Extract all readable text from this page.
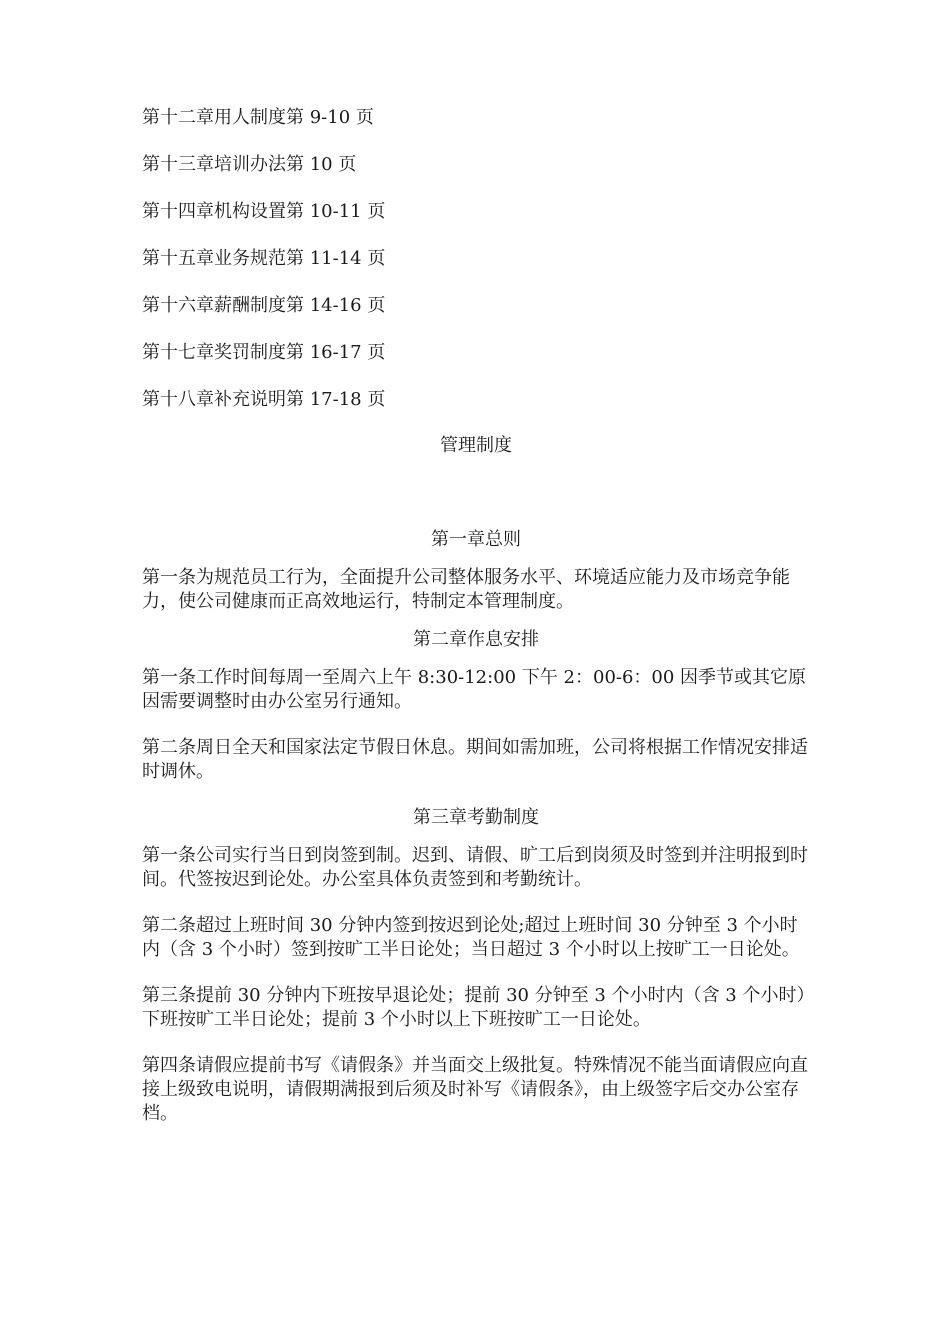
第十二章用人制度第 9-10 页
第十三章培训办法第 10 页
第十四章机构设置第 10-11 页
第十五章业务规范第 11-14 页
第十六章薪酬制度第 14-16 页
第十七章奖罚制度第 16-17 页
第十八章补充说明第 17-18 页
管理制度
第一章总则

第一条为规范员工行为，全面提升公司整体服务水平、环境适应能力及市场竞争能力，使公司健康而正高效地运行，特制定本管理制度。

第二章作息安排

第一条工作时间每周一至周六上午 8:30-12:00 下午 2：00-6：00 因季节或其它原因需要调整时由办公室另行通知。

第二条周日全天和国家法定节假日休息。期间如需加班，公司将根据工作情况安排适时调休。

第三章考勤制度

第一条公司实行当日到岗签到制。迟到、请假、旷工后到岗须及时签到并注明报到时间。代签按迟到论处。办公室具体负责签到和考勤统计。

第二条超过上班时间 30 分钟内签到按迟到论处;超过上班时间 30 分钟至 3 个小时内（含 3 个小时）签到按旷工半日论处；当日超过 3 个小时以上按旷工一日论处。

第三条提前 30 分钟内下班按早退论处；提前 30 分钟至 3 个小时内（含 3 个小时）下班按旷工半日论处；提前 3 个小时以上下班按旷工一日论处。

第四条请假应提前书写《请假条》并当面交上级批复。特殊情况不能当面请假应向直接上级致电说明，请假期满报到后须及时补写《请假条》，由上级签字后交办公室存档。
